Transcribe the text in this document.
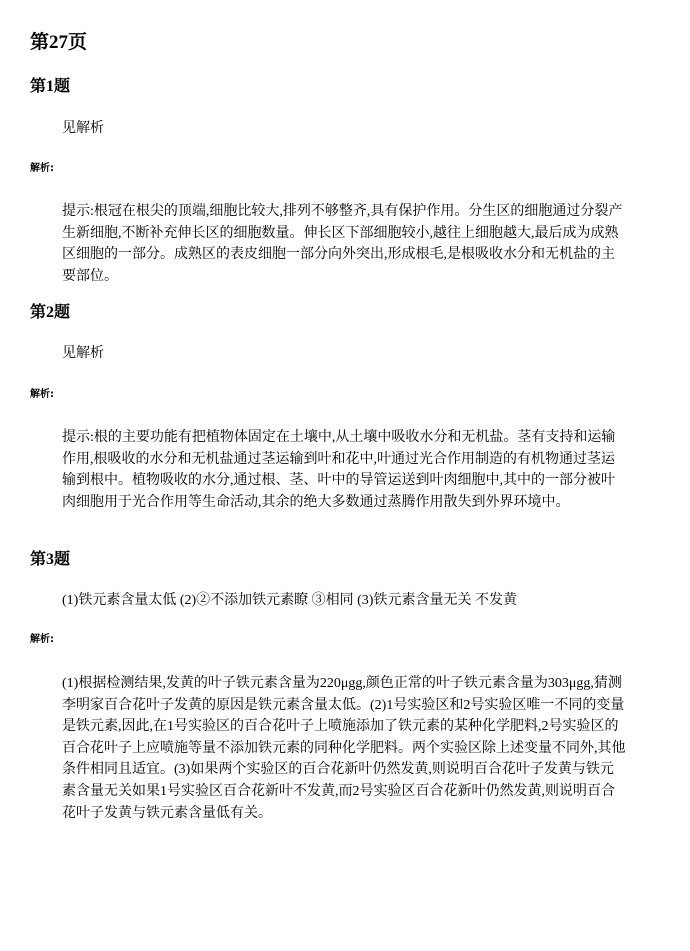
第27页
第1题
见解析
解析:
提示:根冠在根尖的顶端,细胞比较大,排列不够整齐,具有保护作用。分生区的细胞通过分裂产生新细胞,不断补充伸长区的细胞数量。伸长区下部细胞较小,越往上细胞越大,最后成为成熟区细胞的一部分。成熟区的表皮细胞一部分向外突出,形成根毛,是根吸收水分和无机盐的主要部位。
第2题
见解析
解析:
提示:根的主要功能有把植物体固定在土壤中,从土壤中吸收水分和无机盐。茎有支持和运输作用,根吸收的水分和无机盐通过茎运输到叶和花中,叶通过光合作用制造的有机物通过茎运输到根中。植物吸收的水分,通过根、茎、叶中的导管运送到叶肉细胞中,其中的一部分被叶肉细胞用于光合作用等生命活动,其余的绝大多数通过蒸腾作用散失到外界环境中。
第3题
(1)铁元素含量太低 (2)②不添加铁元素瞭 ③相同 (3)铁元素含量无关 不发黄
解析:
(1)根据检测结果,发黄的叶子铁元素含量为220μgg,颜色正常的叶子铁元素含量为303μgg,猜测李明家百合花叶子发黄的原因是铁元素含量太低。(2)1号实验区和2号实验区唯一不同的变量是铁元素,因此,在1号实验区的百合花叶子上喷施添加了铁元素的某种化学肥料,2号实验区的百合花叶子上应喷施等量不添加铁元素的同种化学肥料。两个实验区除上述变量不同外,其他条件相同且适宜。(3)如果两个实验区的百合花新叶仍然发黄,则说明百合花叶子发黄与铁元素含量无关如果1号实验区百合花新叶不发黄,而2号实验区百合花新叶仍然发黄,则说明百合花叶子发黄与铁元素含量低有关。
